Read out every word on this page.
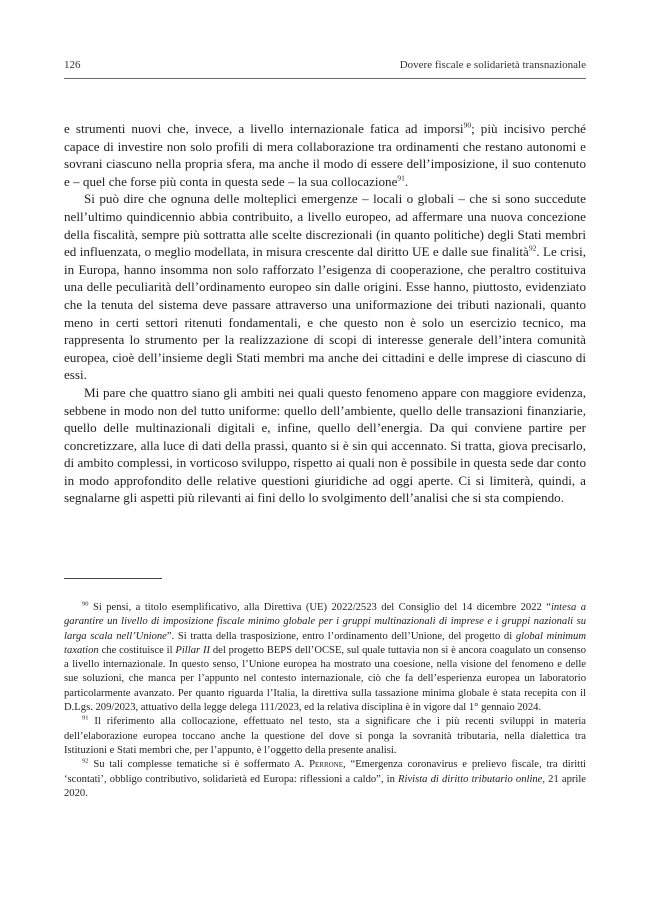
126	Dovere fiscale e solidarietà transnazionale

e strumenti nuovi che, invece, a livello internazionale fatica ad imporsi$^{90}$; più incisivo perché capace di investire non solo profili di mera collaborazione tra ordinamenti che restano autonomi e sovrani ciascuno nella propria sfera, ma anche il modo di essere dell’imposizione, il suo contenuto e – quel che forse più conta in questa sede – la sua collocazione$^{91}$.

Si può dire che ognuna delle molteplici emergenze – locali o globali – che si sono succedute nell’ultimo quindicennio abbia contribuito, a livello europeo, ad affermare una nuova concezione della fiscalità, sempre più sottratta alle scelte discrezionali (in quanto politiche) degli Stati membri ed influenzata, o meglio modellata, in misura crescente dal diritto UE e dalle sue finalità$^{92}$. Le crisi, in Europa, hanno insomma non solo rafforzato l’esigenza di cooperazione, che peraltro costituiva una delle peculiarità dell’ordinamento europeo sin dalle origini. Esse hanno, piuttosto, evidenziato che la tenuta del sistema deve passare attraverso una uniformazione dei tributi nazionali, quanto meno in certi settori ritenuti fondamentali, e che questo non è solo un esercizio tecnico, ma rappresenta lo strumento per la realizzazione di scopi di interesse generale dell’intera comunità europea, cioè dell’insieme degli Stati membri ma anche dei cittadini e delle imprese di ciascuno di essi.

Mi pare che quattro siano gli ambiti nei quali questo fenomeno appare con maggiore evidenza, sebbene in modo non del tutto uniforme: quello dell’ambiente, quello delle transazioni finanziarie, quello delle multinazionali digitali e, infine, quello dell’energia. Da qui conviene partire per concretizzare, alla luce di dati della prassi, quanto si è sin qui accennato. Si tratta, giova precisarlo, di ambito complessi, in vorticoso sviluppo, rispetto ai quali non è possibile in questa sede dar conto in modo approfondito delle relative questioni giuridiche ad oggi aperte. Ci si limiterà, quindi, a segnalarne gli aspetti più rilevanti ai fini dello lo svolgimento dell’analisi che si sta compiendo.

$^{90}$ Si pensi, a titolo esemplificativo, alla Direttiva (UE) 2022/2523 del Consiglio del 14 dicembre 2022 “intesa a garantire un livello di imposizione fiscale minimo globale per i gruppi multinazionali di imprese e i gruppi nazionali su larga scala nell’Unione”. Si tratta della trasposizione, entro l’ordinamento dell’Unione, del progetto di global minimum taxation che costituisce il Pillar II del progetto BEPS dell’OCSE, sul quale tuttavia non si è ancora coagulato un consenso a livello internazionale. In questo senso, l’Unione europea ha mostrato una coesione, nella visione del fenomeno e delle sue soluzioni, che manca per l’appunto nel contesto internazionale, ciò che fa dell’esperienza europea un laboratorio particolarmente avanzato. Per quanto riguarda l’Italia, la direttiva sulla tassazione minima globale è stata recepita con il D.Lgs. 209/2023, attuativo della legge delega 111/2023, ed la relativa disciplina è in vigore dal 1° gennaio 2024.

$^{91}$ Il riferimento alla collocazione, effettuato nel testo, sta a significare che i più recenti sviluppi in materia dell’elaborazione europea toccano anche la questione del dove si ponga la sovranità tributaria, nella dialettica tra Istituzioni e Stati membri che, per l’appunto, è l’oggetto della presente analisi.

$^{92}$ Su tali complesse tematiche si è soffermato A. Perrone, “Emergenza coronavirus e prelievo fiscale, tra diritti ‘scontati’, obbligo contributivo, solidarietà ed Europa: riflessioni a caldo”, in Rivista di diritto tributario online, 21 aprile 2020.
